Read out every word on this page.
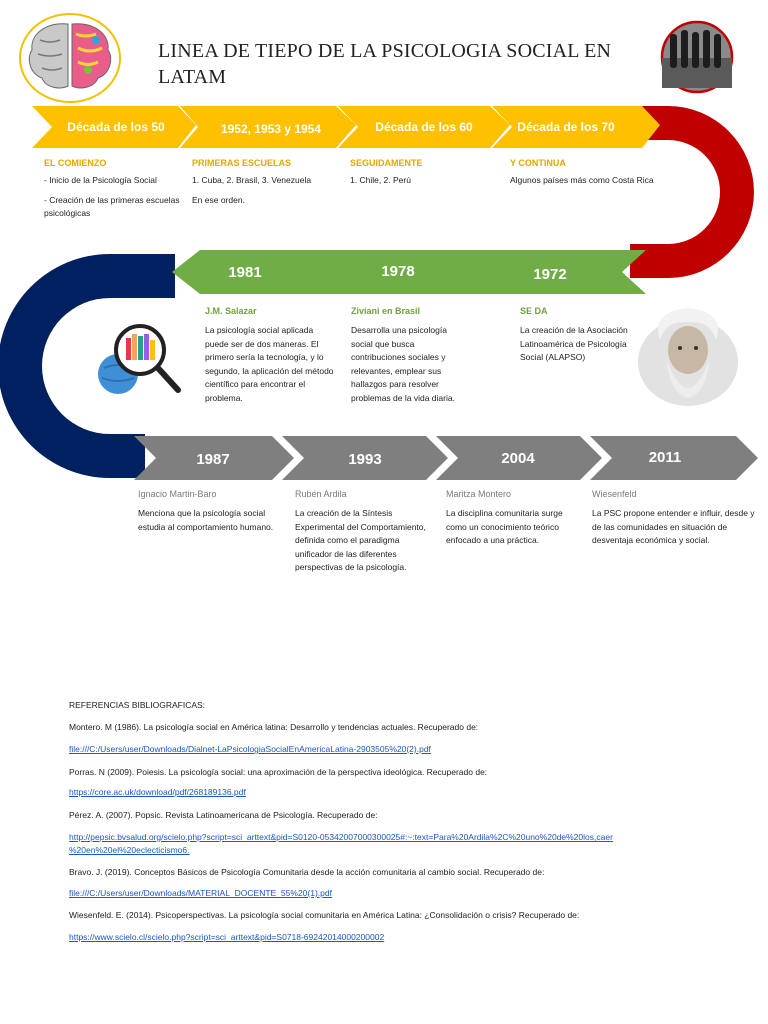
Década de los 50	1952, 1953 y 1954	Década de los 60	Década de los 70
1981	1978	1972
1987	1993	2004	2011
LINEA DE TIEPO DE LA PSICOLOGIA SOCIAL EN LATAM
EL COMIENZO
- Inicio de la Psicología Social
- Creación de las primeras escuelas psicológicas
PRIMERAS ESCUELAS
1. Cuba, 2. Brasil, 3. Venezuela
En ese orden.
SEGUIDAMENTE
1. Chile, 2. Perú
Y CONTINUA
Algunos países más como Costa Rica
J.M. Salazar
La psicología social aplicada puede ser de dos maneras. El primero sería la tecnología, y lo segundo, la aplicación del método científico para encontrar el problema.
Ziviani en Brasil
Desarrolla una psicología social que busca contribuciones sociales y relevantes, emplear sus hallazgos para resolver problemas de la vida diaria.
SE DA
La creación de la Asociación Latinoamérica de Psicología Social (ALAPSO)
Ignacio Martin-Baro
Menciona que la psicología social estudia al comportamiento humano.
Rubén Ardila
La creación de la Síntesis Experimental del Comportamiento, definida como el paradigma unificador de las diferentes perspectivas de la psicología.
Maritza Montero
La disciplina comunitaria surge como un conocimiento teórico enfocado a una práctica.
Wiesenfeld
La PSC propone entender e influir, desde y de las comunidades en situación de desventaja económica y social.
REFERENCIAS BIBLIOGRAFICAS:
Montero. M (1986). La psicología social en América latina: Desarrollo y tendencias actuales. Recuperado de:
file:///C:/Users/user/Downloads/Dialnet-LaPsicologiaSocialEnAmericaLatina-2903505%20(2).pdf
Porras. N (2009). Poiesis. La psicología social: una aproximación de la perspectiva ideológica. Recuperado de:
https://core.ac.uk/download/pdf/268189136.pdf
Pérez. A. (2007). Popsic. Revista Latinoamericana de Psicología. Recuperado de:
http://pepsic.bvsalud.org/scielo.php?script=sci_arttext&pid=S0120-05342007000300025#:~:text=Para%20Ardila%2C%20uno%20de%20los,caer
%20en%20el%20eclecticismo6.
Bravo. J. (2019). Conceptos Básicos de Psicología Comunitaria desde la acción comunitaria al cambio social. Recuperado de:
file:///C:/Users/user/Downloads/MATERIAL_DOCENTE_55%20(1).pdf
Wiesenfeld. E. (2014). Psicoperspectivas. La psicología social comunitaria en América Latina: ¿Consolidación o crisis? Recuperado de:
https://www.scielo.cl/scielo.php?script=sci_arttext&pid=S0718-69242014000200002
